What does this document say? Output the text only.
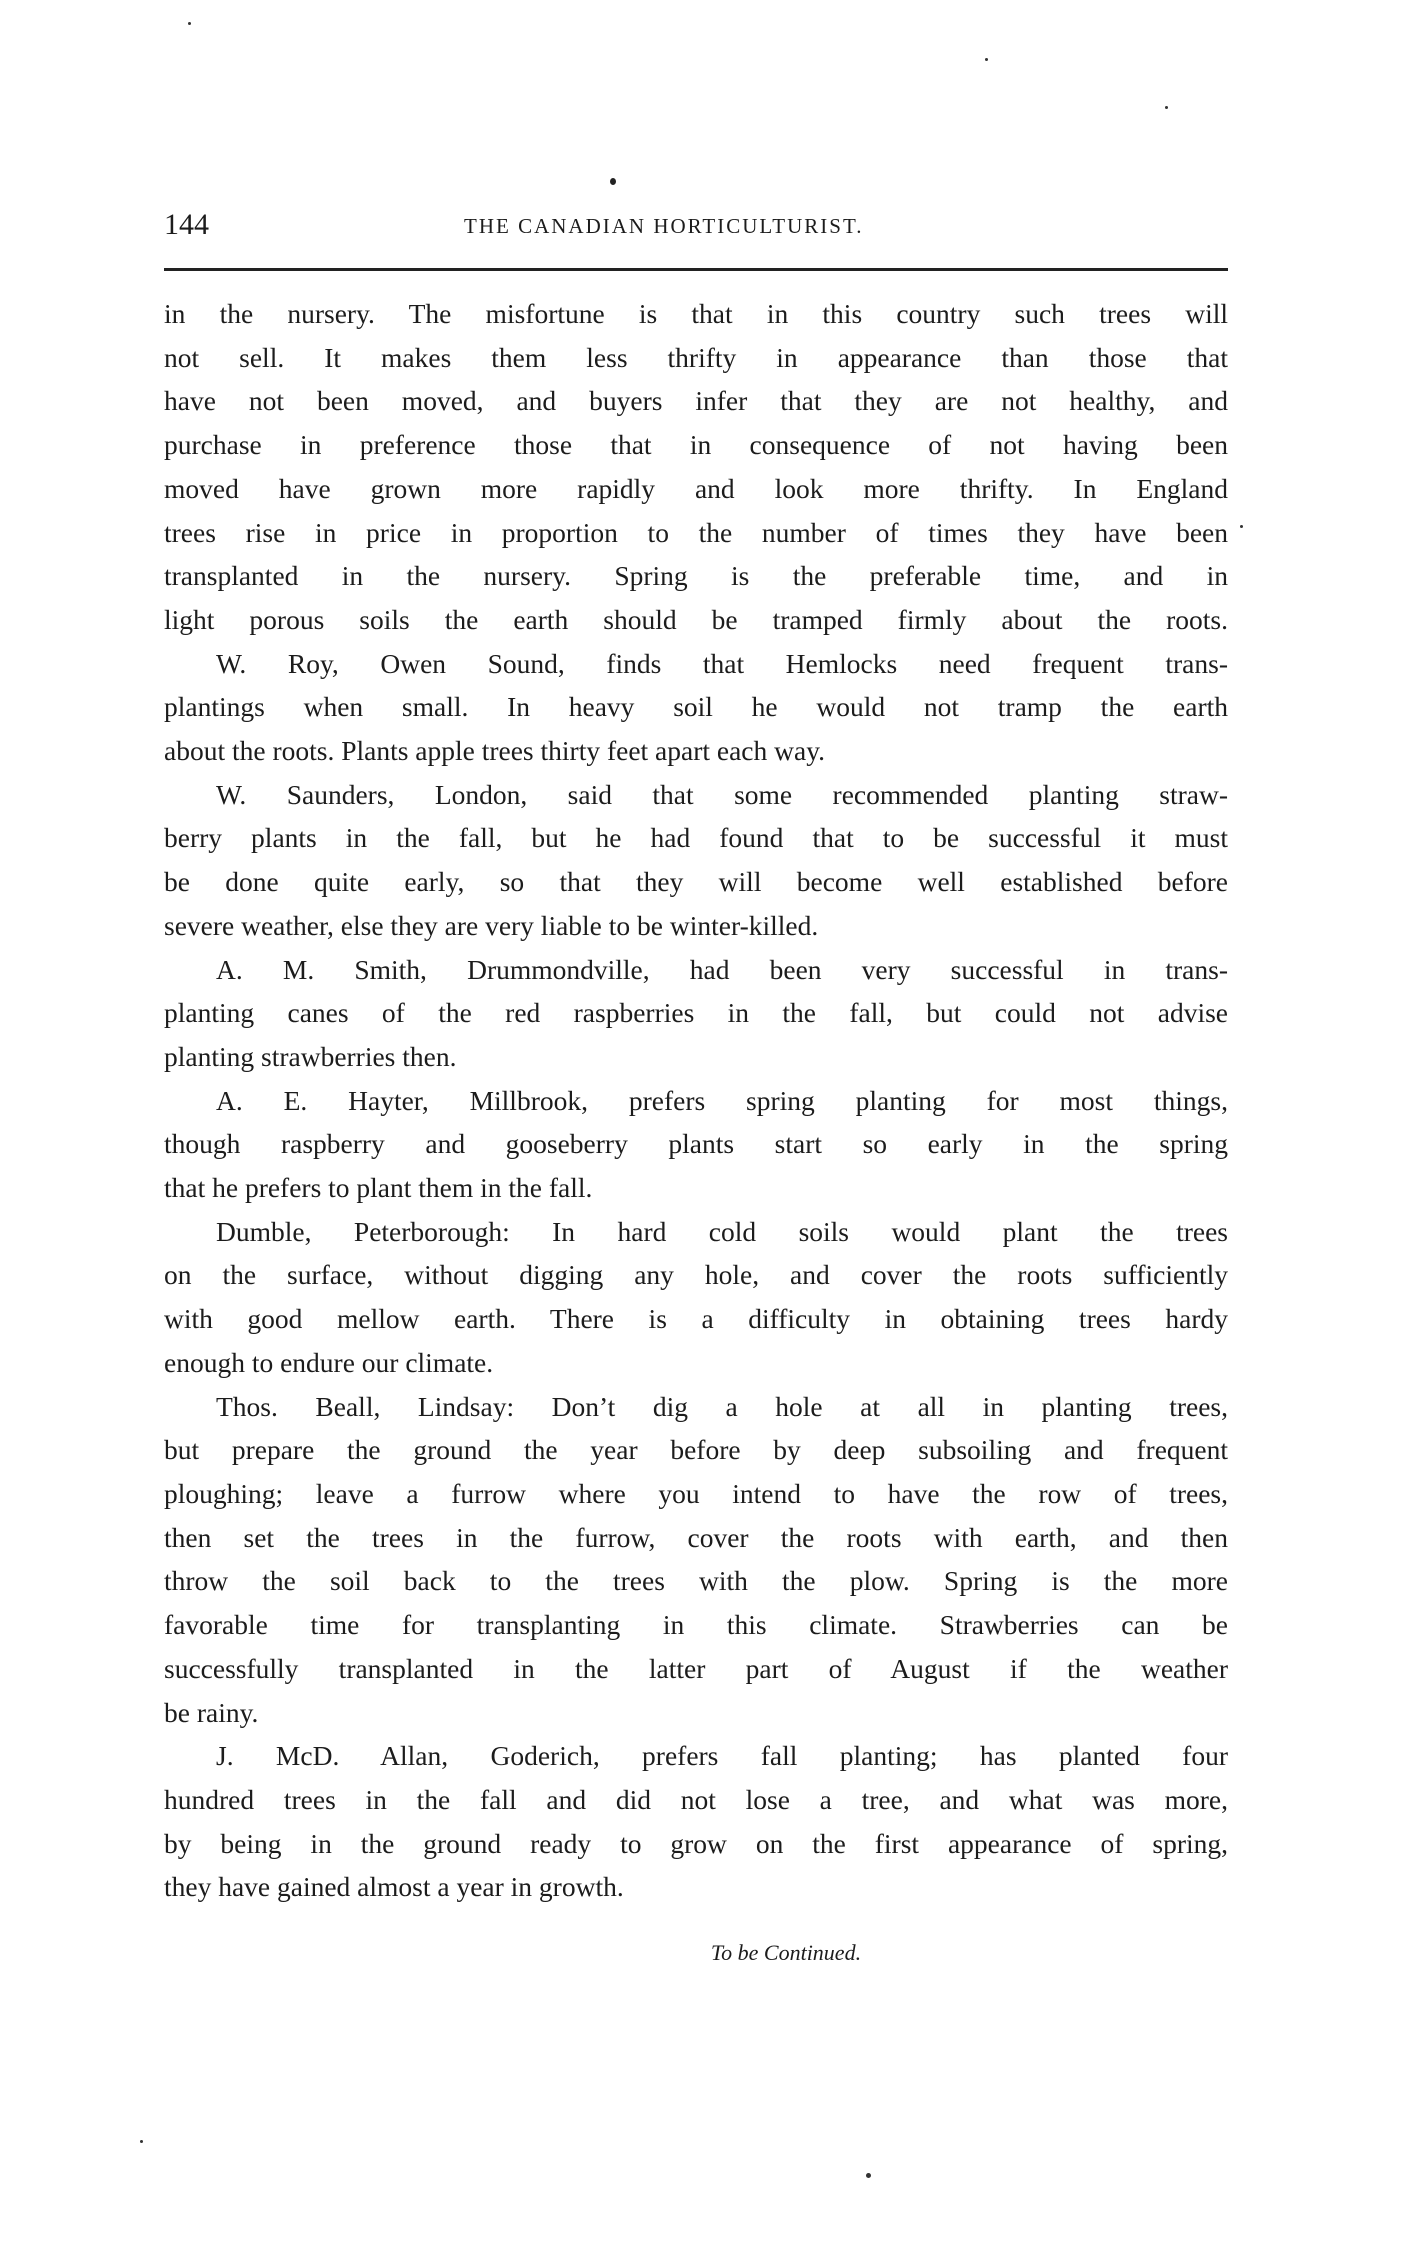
144	THE CANADIAN HORTICULTURIST.

in the nursery. The misfortune is that in this country such trees will
not sell. It makes them less thrifty in appearance than those that
have not been moved, and buyers infer that they are not healthy, and
purchase in preference those that in consequence of not having been
moved have grown more rapidly and look more thrifty. In England
trees rise in price in proportion to the number of times they have been
transplanted in the nursery. Spring is the preferable time, and in
light porous soils the earth should be tramped firmly about the roots.

W. Roy, Owen Sound, finds that Hemlocks need frequent trans-
plantings when small. In heavy soil he would not tramp the earth
about the roots. Plants apple trees thirty feet apart each way.

W. Saunders, London, said that some recommended planting straw-
berry plants in the fall, but he had found that to be successful it must
be done quite early, so that they will become well established before
severe weather, else they are very liable to be winter-killed.

A. M. Smith, Drummondville, had been very successful in trans-
planting canes of the red raspberries in the fall, but could not advise
planting strawberries then.

A. E. Hayter, Millbrook, prefers spring planting for most things,
though raspberry and gooseberry plants start so early in the spring
that he prefers to plant them in the fall.

Dumble, Peterborough: In hard cold soils would plant the trees
on the surface, without digging any hole, and cover the roots sufficiently
with good mellow earth. There is a difficulty in obtaining trees hardy
enough to endure our climate.

Thos. Beall, Lindsay: Don’t dig a hole at all in planting trees,
but prepare the ground the year before by deep subsoiling and frequent
ploughing; leave a furrow where you intend to have the row of trees,
then set the trees in the furrow, cover the roots with earth, and then
throw the soil back to the trees with the plow. Spring is the more
favorable time for transplanting in this climate. Strawberries can be
successfully transplanted in the latter part of August if the weather
be rainy.

J. McD. Allan, Goderich, prefers fall planting; has planted four
hundred trees in the fall and did not lose a tree, and what was more,
by being in the ground ready to grow on the first appearance of spring,
they have gained almost a year in growth.

To be Continued.
